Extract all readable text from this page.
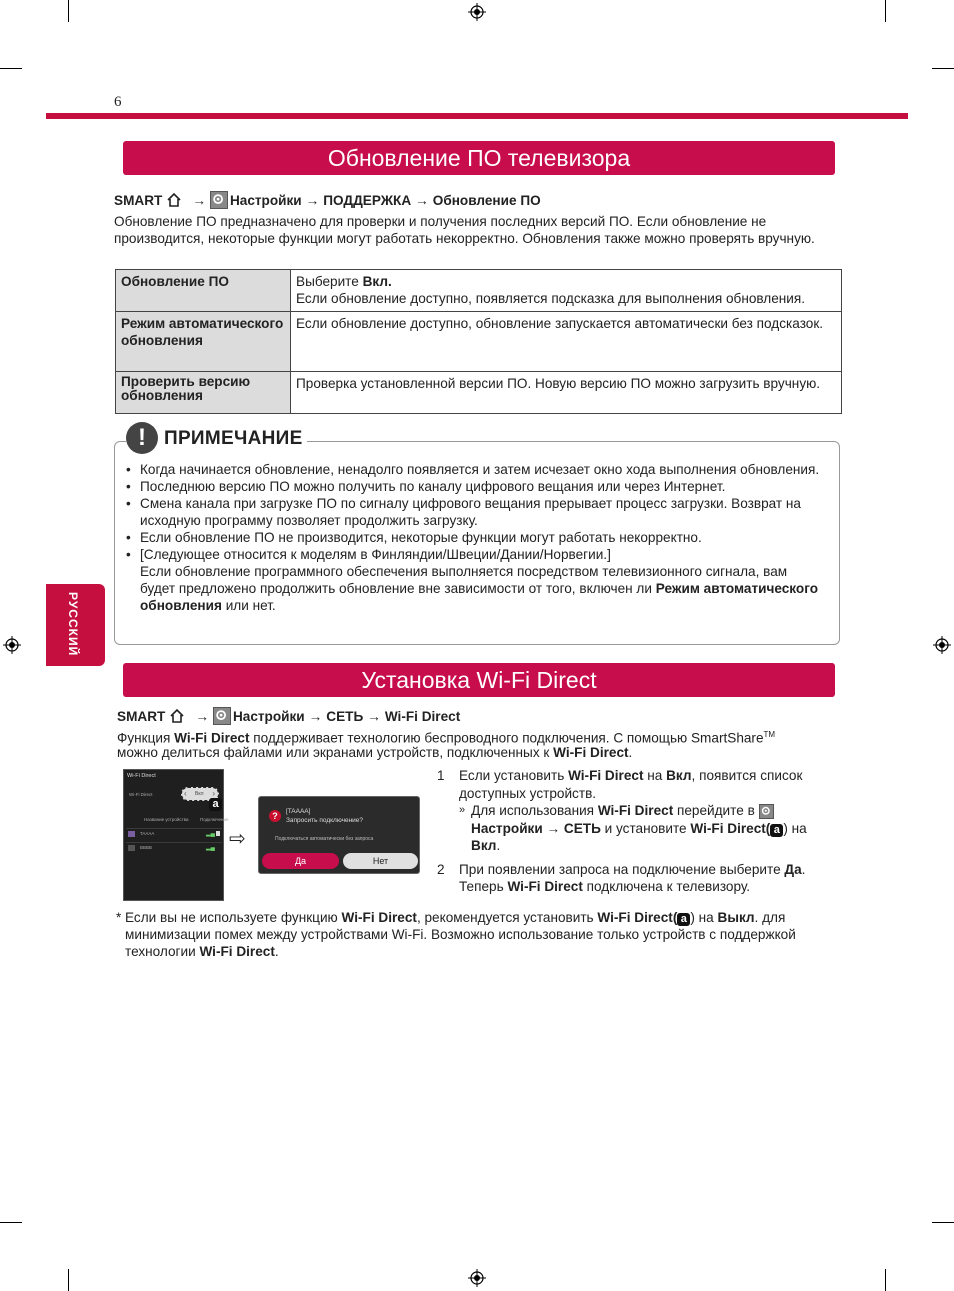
6
Обновление ПО телевизора
SMART → Настройки → ПОДДЕРЖКА → Обновление ПО
Обновление ПО предназначено для проверки и получения последних версий ПО. Если обновление не производится, некоторые функции могут работать некорректно. Обновления также можно проверять вручную.
Обновление ПО	Выберите Вкл.
Если обновление доступно, появляется подсказка для выполнения обновления.
Режим автоматического обновления	Если обновление доступно, обновление запускается автоматически без подсказок.
Проверить версию обновления	Проверка установленной версии ПО. Новую версию ПО можно загрузить вручную.
! ПРИМЕЧАНИЕ
• Когда начинается обновление, ненадолго появляется и затем исчезает окно хода выполнения обновления.
• Последнюю версию ПО можно получить по каналу цифрового вещания или через Интернет.
• Смена канала при загрузке ПО по сигналу цифрового вещания прерывает процесс загрузки. Возврат на исходную программу позволяет продолжить загрузку.
• Если обновление ПО не производится, некоторые функции могут работать некорректно.
• [Следующее относится к моделям в Финляндии/Швеции/Дании/Норвегии.]
Если обновление программного обеспечения выполняется посредством телевизионного сигнала, вам будет предложено продолжить обновление вне зависимости от того, включен ли Режим автоматического обновления или нет.
РУССКИЙ
Установка Wi-Fi Direct
SMART → Настройки → СЕТЬ → Wi-Fi Direct
Функция Wi-Fi Direct поддерживает технологию беспроводного подключения. С помощью SmartShare™
можно делиться файлами или экранами устройств, подключенных к Wi-Fi Direct.
Wi-Fi Direct
Wi-Fi Direct
Название устройства	Подключение
TAAAA	▂▄
BBBB	▂▄
‹ Вкл ›
a
⇨
?	[TAAAA]
Запросить подключение?
Подключаться автоматически без запроса
Да	Нет
1 Если установить Wi-Fi Direct на Вкл, появится список доступных устройств.
» Для использования Wi-Fi Direct перейдите в
Настройки → СЕТЬ и установите Wi-Fi Direct( a ) на
Вкл.
2 При появлении запроса на подключение выберите Да. Теперь Wi-Fi Direct подключена к телевизору.
* Если вы не используете функцию Wi-Fi Direct, рекомендуется установить Wi-Fi Direct( a ) на Выкл. для минимизации помех между устройствами Wi-Fi. Возможно использование только устройств с поддержкой технологии Wi-Fi Direct.
